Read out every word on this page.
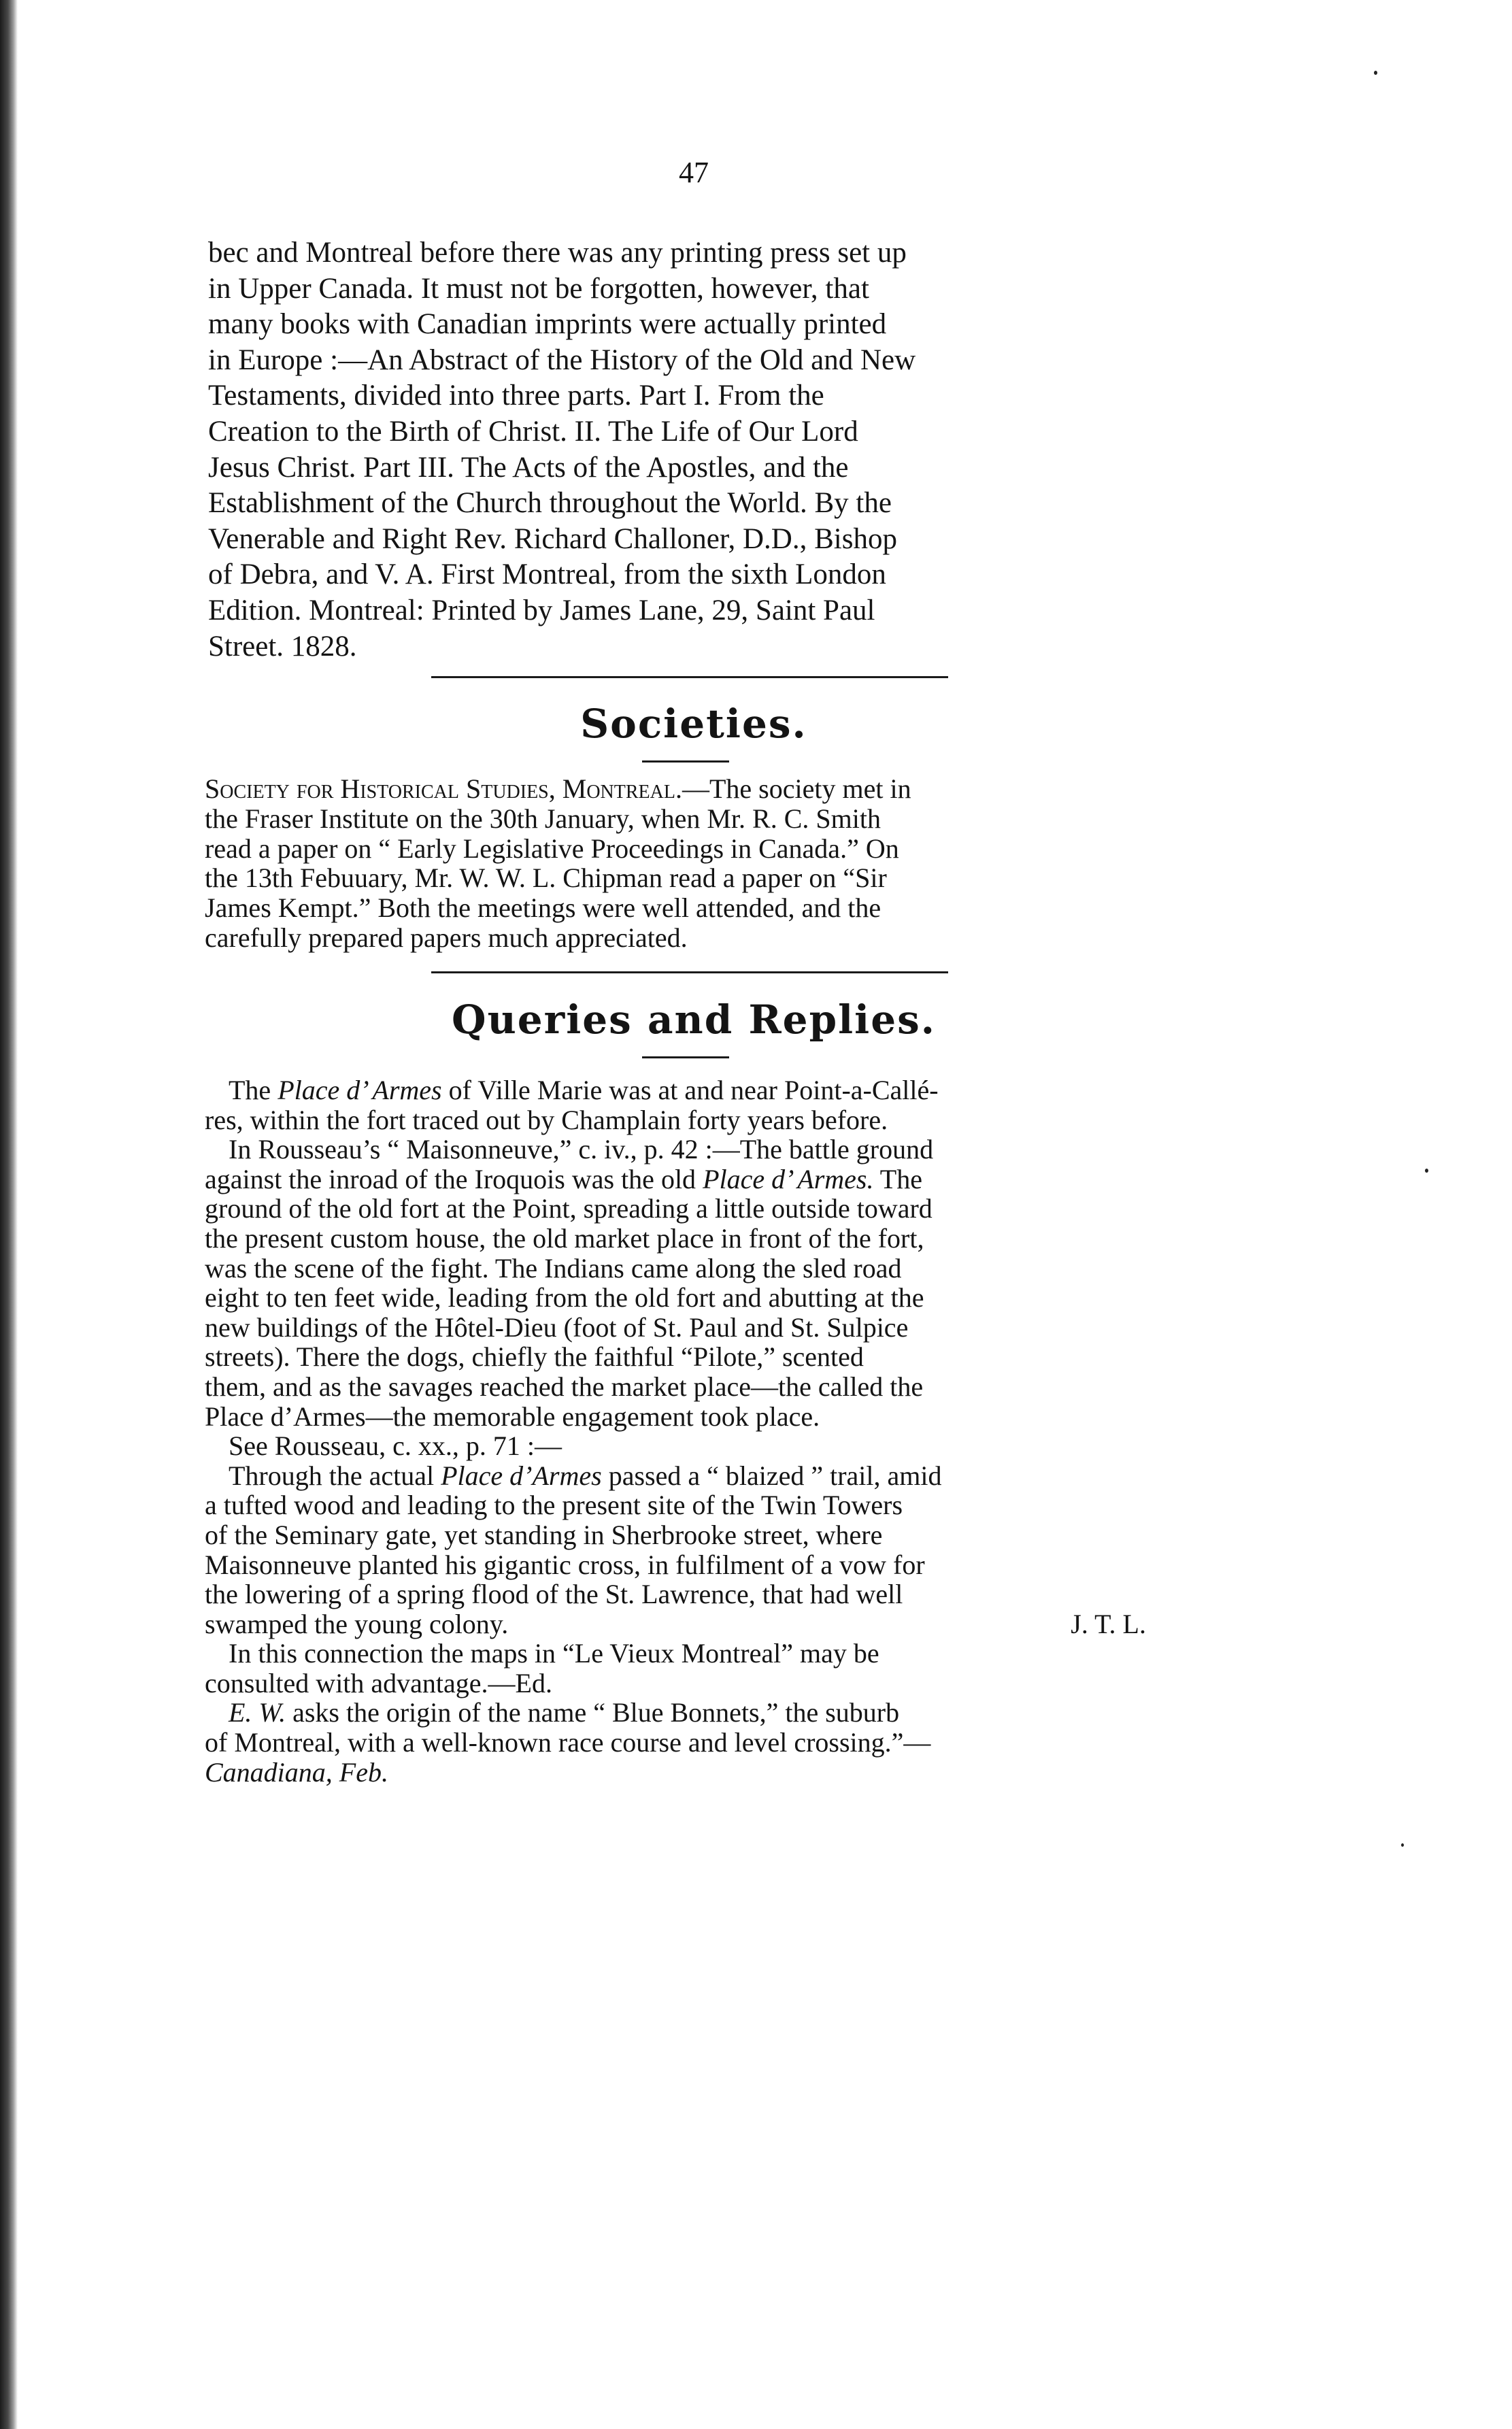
47
bec and Montreal before there was any printing press set up
in Upper Canada. It must not be forgotten, however, that
many books with Canadian imprints were actually printed
in Europe :—An Abstract of the History of the Old and New
Testaments, divided into three parts. Part I. From the
Creation to the Birth of Christ. II. The Life of Our Lord
Jesus Christ. Part III. The Acts of the Apostles, and the
Establishment of the Church throughout the World. By the
Venerable and Right Rev. Richard Challoner, D.D., Bishop
of Debra, and V. A. First Montreal, from the sixth London
Edition. Montreal: Printed by James Lane, 29, Saint Paul
Street. 1828.
Societies.
Society for Historical Studies, Montreal.—The society met in
the Fraser Institute on the 30th January, when Mr. R. C. Smith
read a paper on “ Early Legislative Proceedings in Canada.” On
the 13th Febuuary, Mr. W. W. L. Chipman read a paper on “Sir
James Kempt.” Both the meetings were well attended, and the
carefully prepared papers much appreciated.
Queries and Replies.
The Place d’ Armes of Ville Marie was at and near Point-a-Callé-
res, within the fort traced out by Champlain forty years before.
In Rousseau’s “ Maisonneuve,” c. iv., p. 42 :—The battle ground
against the inroad of the Iroquois was the old Place d’ Armes. The
ground of the old fort at the Point, spreading a little outside toward
the present custom house, the old market place in front of the fort,
was the scene of the fight. The Indians came along the sled road
eight to ten feet wide, leading from the old fort and abutting at the
new buildings of the Hôtel-Dieu (foot of St. Paul and St. Sulpice
streets). There the dogs, chiefly the faithful “Pilote,” scented
them, and as the savages reached the market place—the called the
Place d’Armes—the memorable engagement took place.
See Rousseau, c. xx., p. 71 :—
Through the actual Place d’Armes passed a “ blaized ” trail, amid
a tufted wood and leading to the present site of the Twin Towers
of the Seminary gate, yet standing in Sherbrooke street, where
Maisonneuve planted his gigantic cross, in fulfilment of a vow for
the lowering of a spring flood of the St. Lawrence, that had well
swamped the young colony.	J. T. L.
In this connection the maps in “Le Vieux Montreal” may be
consulted with advantage.—Ed.
E. W. asks the origin of the name “ Blue Bonnets,” the suburb
of Montreal, with a well-known race course and level crossing.”—
Canadiana, Feb.
